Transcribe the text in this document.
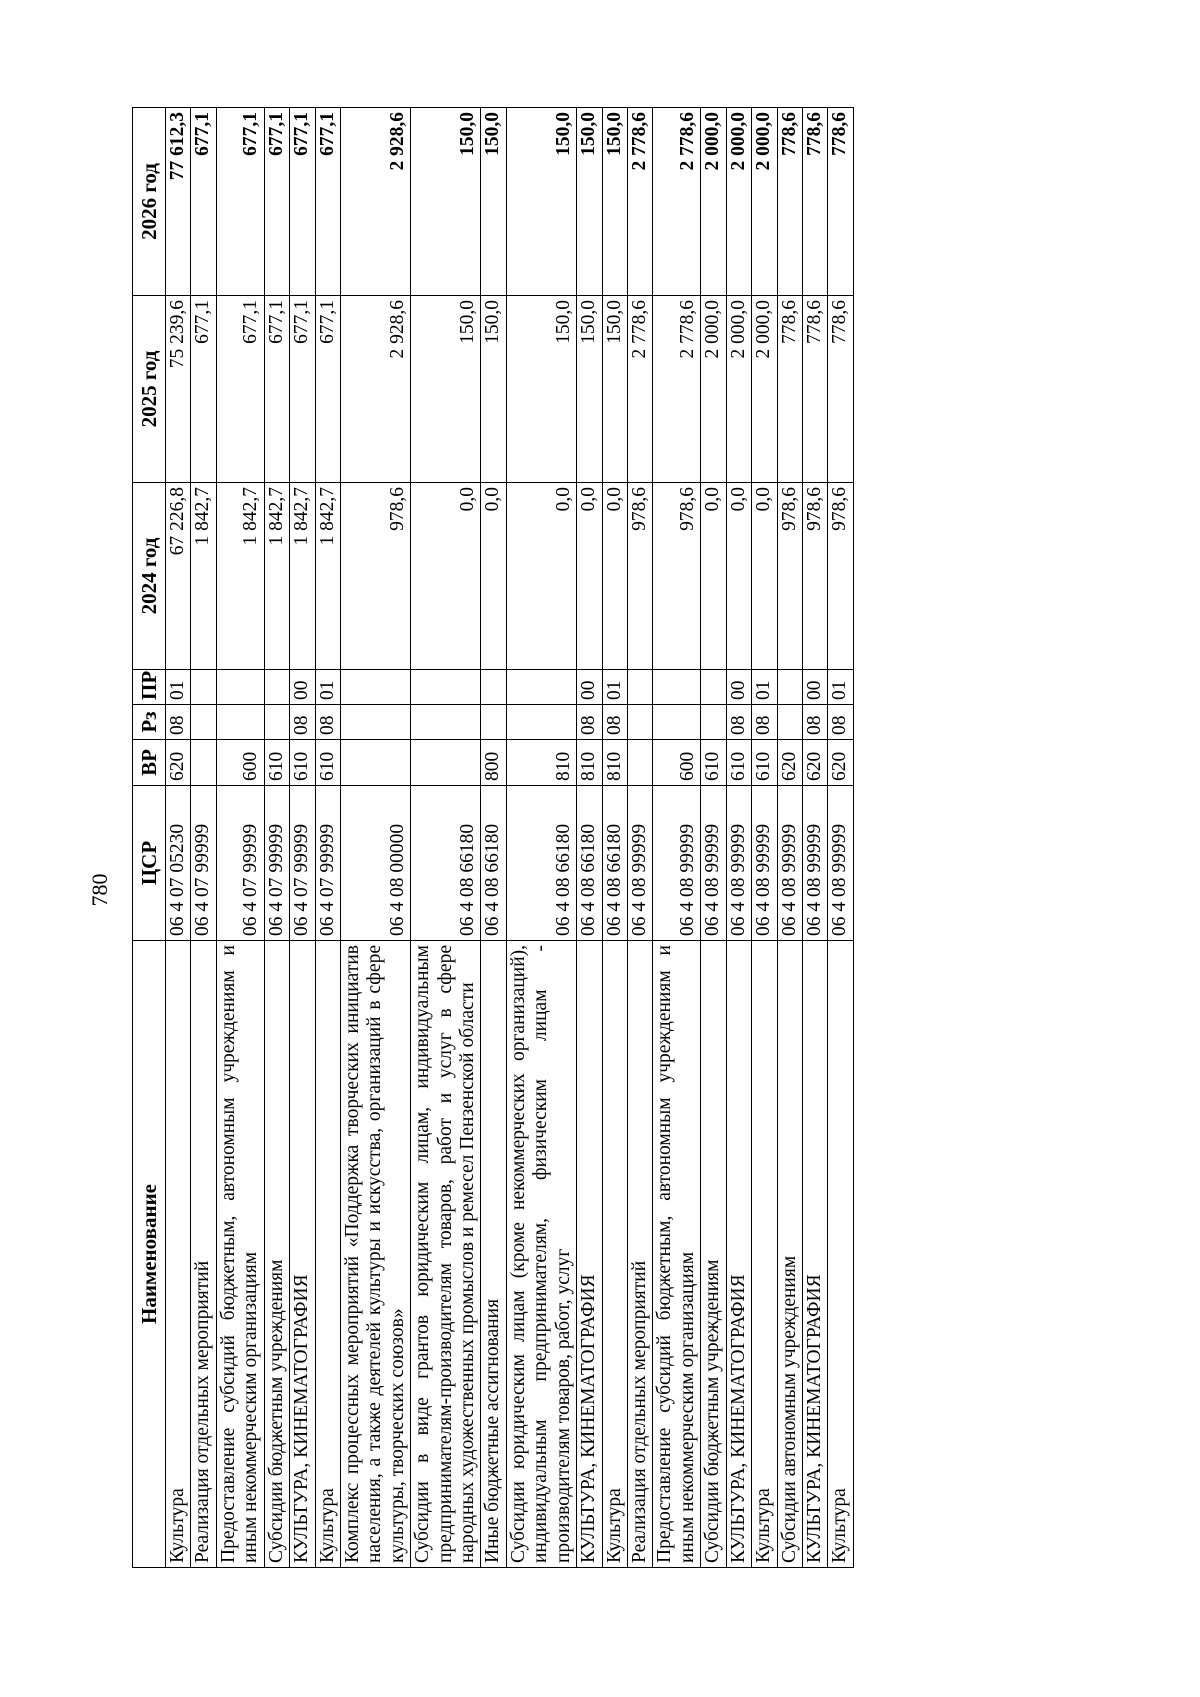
780
Наименование	ЦСР	ВР	Рз	ПР	2024 год	2025 год	2026 год
Культура	06 4 07 05230	620	08	01	67 226,8	75 239,6	77 612,3
Реализация отдельных мероприятий	06 4 07 99999				1 842,7	677,1	677,1
Предоставление субсидий бюджетным, автономным учреждениям и иным некоммерческим организациям	06 4 07 99999	600			1 842,7	677,1	677,1
Субсидии бюджетным учреждениям	06 4 07 99999	610			1 842,7	677,1	677,1
КУЛЬТУРА, КИНЕМАТОГРАФИЯ	06 4 07 99999	610	08	00	1 842,7	677,1	677,1
Культура	06 4 07 99999	610	08	01	1 842,7	677,1	677,1
Комплекс процессных мероприятий «Поддержка творческих инициатив населения, а также деятелей культуры и искусства, организаций в сфере культуры, творческих союзов»	06 4 08 00000				978,6	2 928,6	2 928,6
Субсидии в виде грантов юридическим лицам, индивидуальным предпринимателям-производителям товаров, работ и услуг в сфере народных художественных промыслов и ремесел Пензенской области	06 4 08 66180				0,0	150,0	150,0
Иные бюджетные ассигнования	06 4 08 66180	800			0,0	150,0	150,0
Субсидии юридическим лицам (кроме некоммерческих организаций), индивидуальным предпринимателям, физическим лицам - производителям товаров, работ, услуг	06 4 08 66180	810			0,0	150,0	150,0
КУЛЬТУРА, КИНЕМАТОГРАФИЯ	06 4 08 66180	810	08	00	0,0	150,0	150,0
Культура	06 4 08 66180	810	08	01	0,0	150,0	150,0
Реализация отдельных мероприятий	06 4 08 99999				978,6	2 778,6	2 778,6
Предоставление субсидий бюджетным, автономным учреждениям и иным некоммерческим организациям	06 4 08 99999	600			978,6	2 778,6	2 778,6
Субсидии бюджетным учреждениям	06 4 08 99999	610			0,0	2 000,0	2 000,0
КУЛЬТУРА, КИНЕМАТОГРАФИЯ	06 4 08 99999	610	08	00	0,0	2 000,0	2 000,0
Культура	06 4 08 99999	610	08	01	0,0	2 000,0	2 000,0
Субсидии автономным учреждениям	06 4 08 99999	620			978,6	778,6	778,6
КУЛЬТУРА, КИНЕМАТОГРАФИЯ	06 4 08 99999	620	08	00	978,6	778,6	778,6
Культура	06 4 08 99999	620	08	01	978,6	778,6	778,6
